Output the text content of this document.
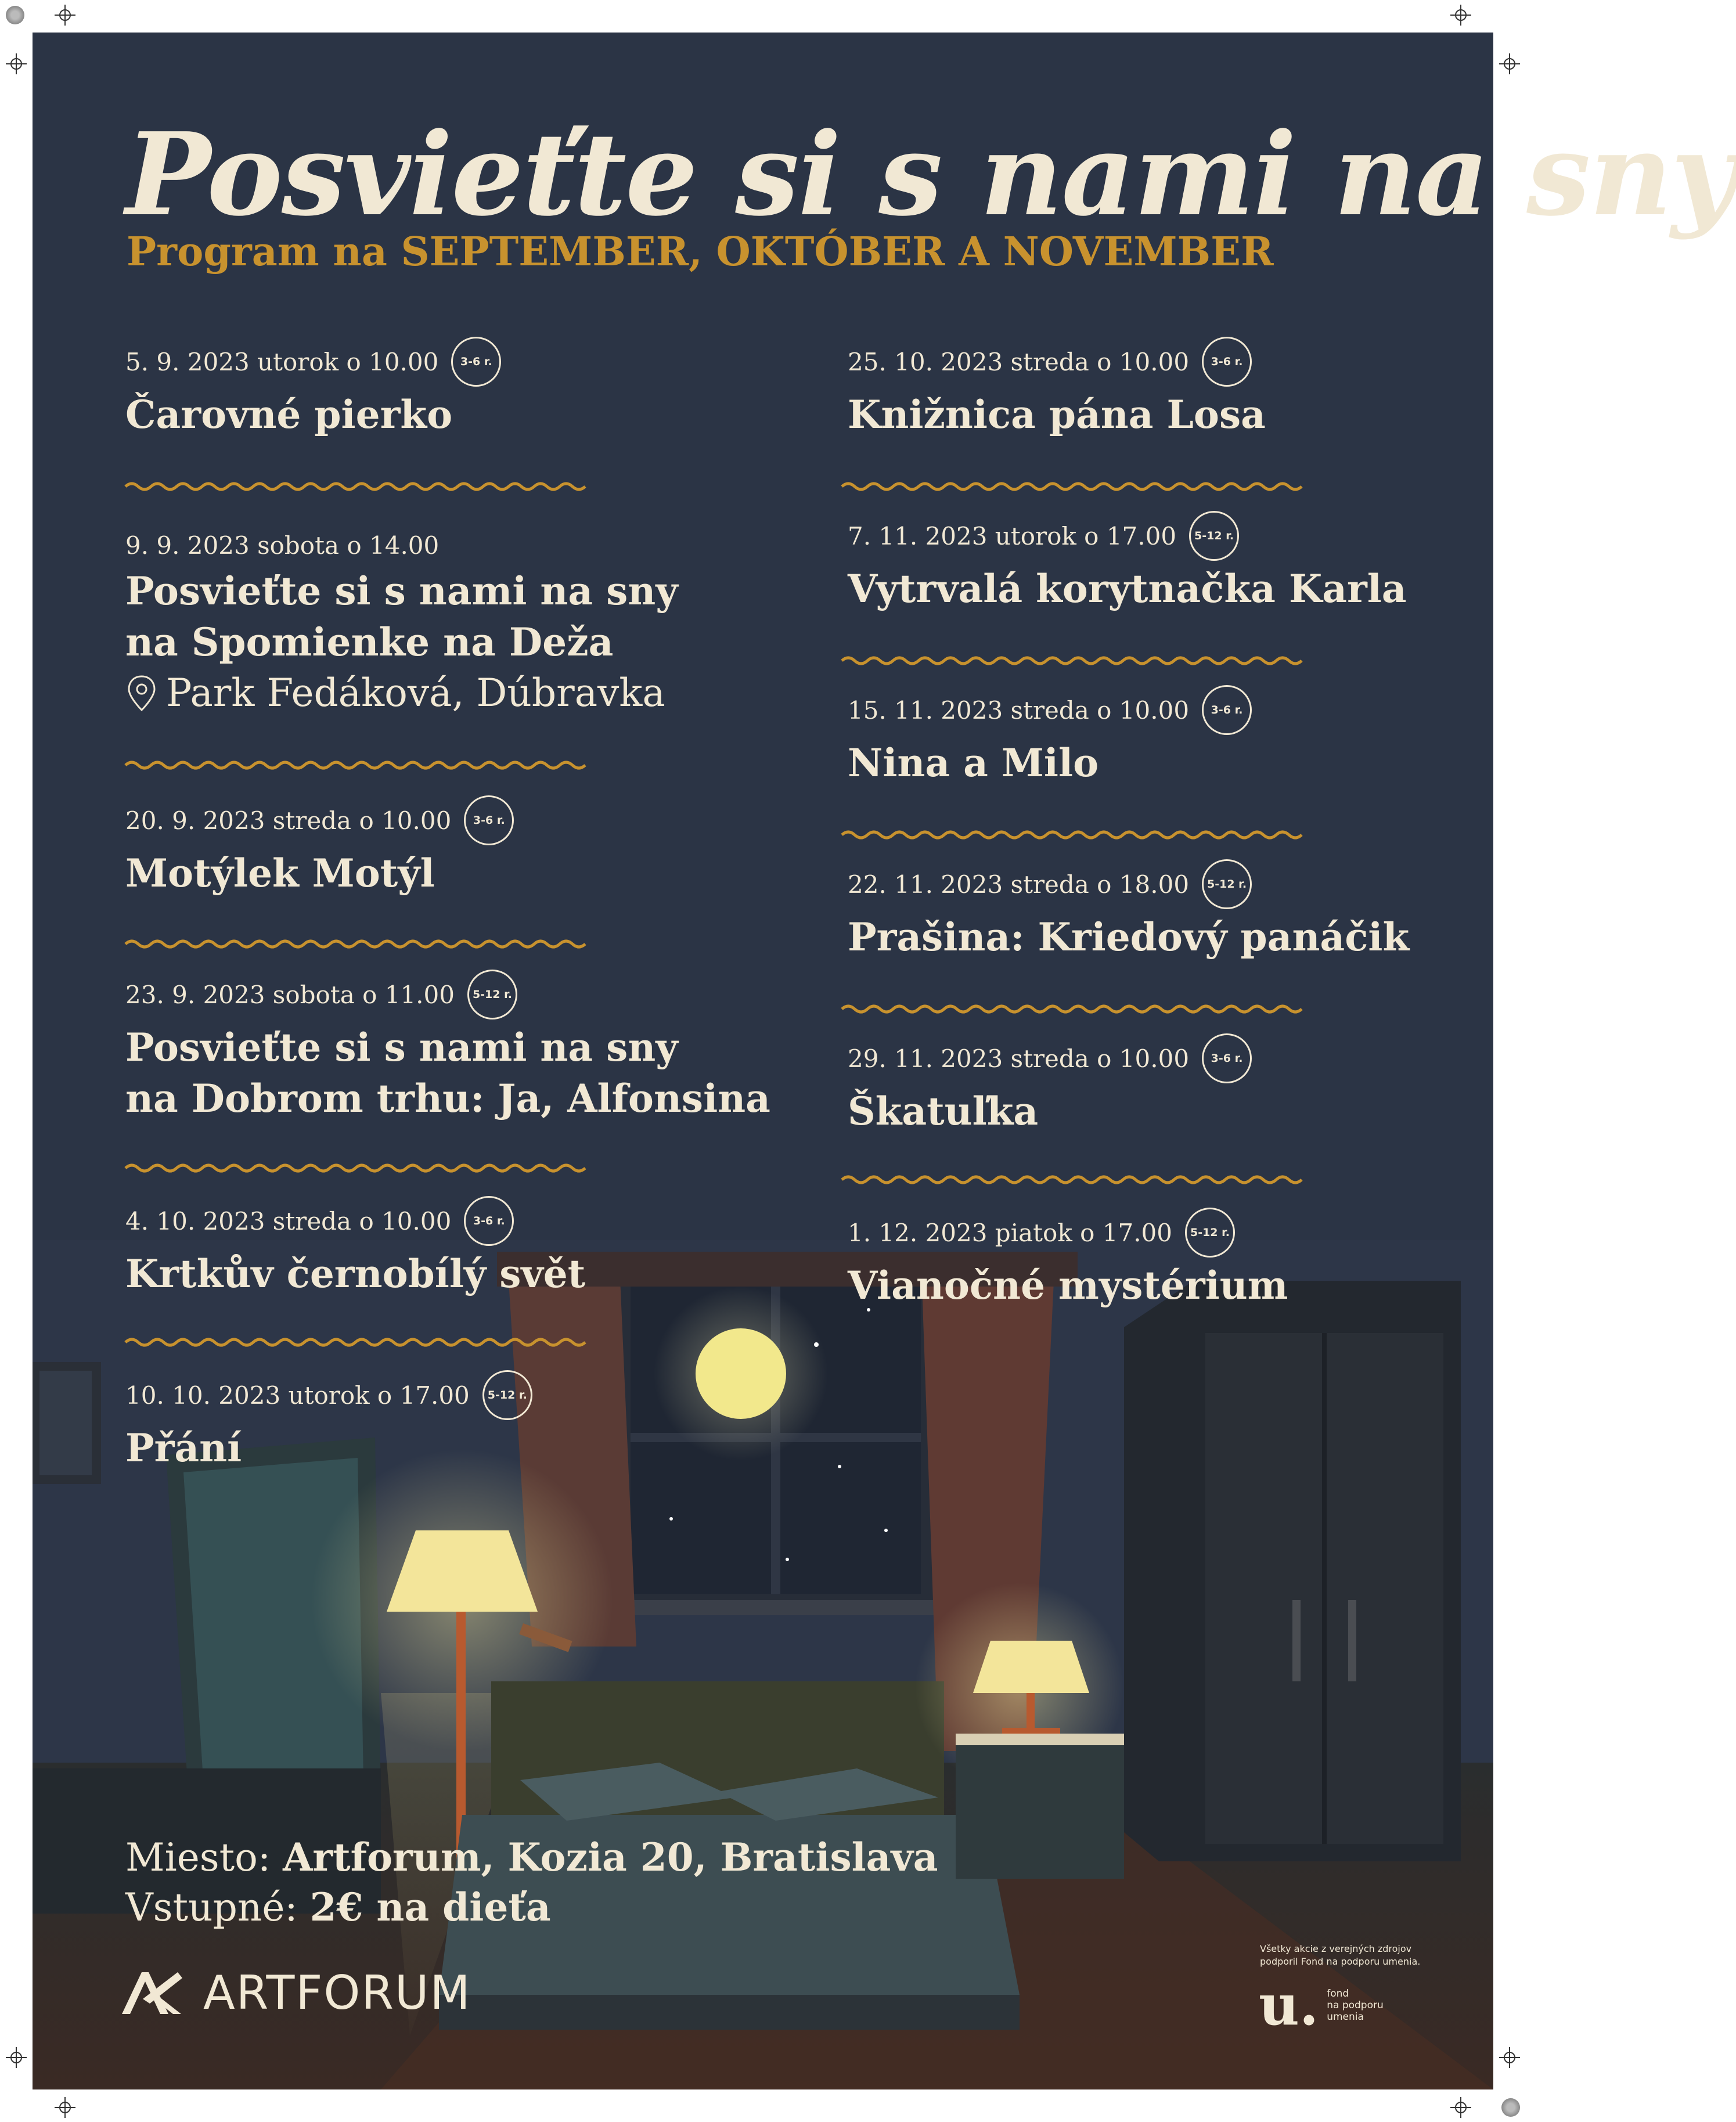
Posvieťte si s nami na sny
Program na SEPTEMBER, OKTÓBER A NOVEMBER
5. 9. 2023 utorok o 10.00	3-6 r.
Čarovné pierko
9. 9. 2023 sobota o 14.00
Posvieťte si s nami na sny
na Spomienke na Deža
Park Fedáková, Dúbravka
20. 9. 2023 streda o 10.00	3-6 r.
Motýlek Motýl
23. 9. 2023 sobota o 11.00	5-12 r.
Posvieťte si s nami na sny
na Dobrom trhu: Ja, Alfonsina
4. 10. 2023 streda o 10.00	3-6 r.
Krtkův černobílý svět
10. 10. 2023 utorok o 17.00	5-12 r.
Přání
25. 10. 2023 streda o 10.00	3-6 r.
Knižnica pána Losa
7. 11. 2023 utorok o 17.00	5-12 r.
Vytrvalá korytnačka Karla
15. 11. 2023 streda o 10.00	3-6 r.
Nina a Milo
22. 11. 2023 streda o 18.00	5-12 r.
Prašina: Kriedový panáčik
29. 11. 2023 streda o 10.00	3-6 r.
Škatuľka
1. 12. 2023 piatok o 17.00	5-12 r.
Vianočné mystérium
Miesto: Artforum, Kozia 20, Bratislava
Vstupné: 2€ na dieťa
ARTFORUM
Všetky akcie z verejných zdrojov podporil Fond na podporu umenia.
u. fond
na podporu
umenia
